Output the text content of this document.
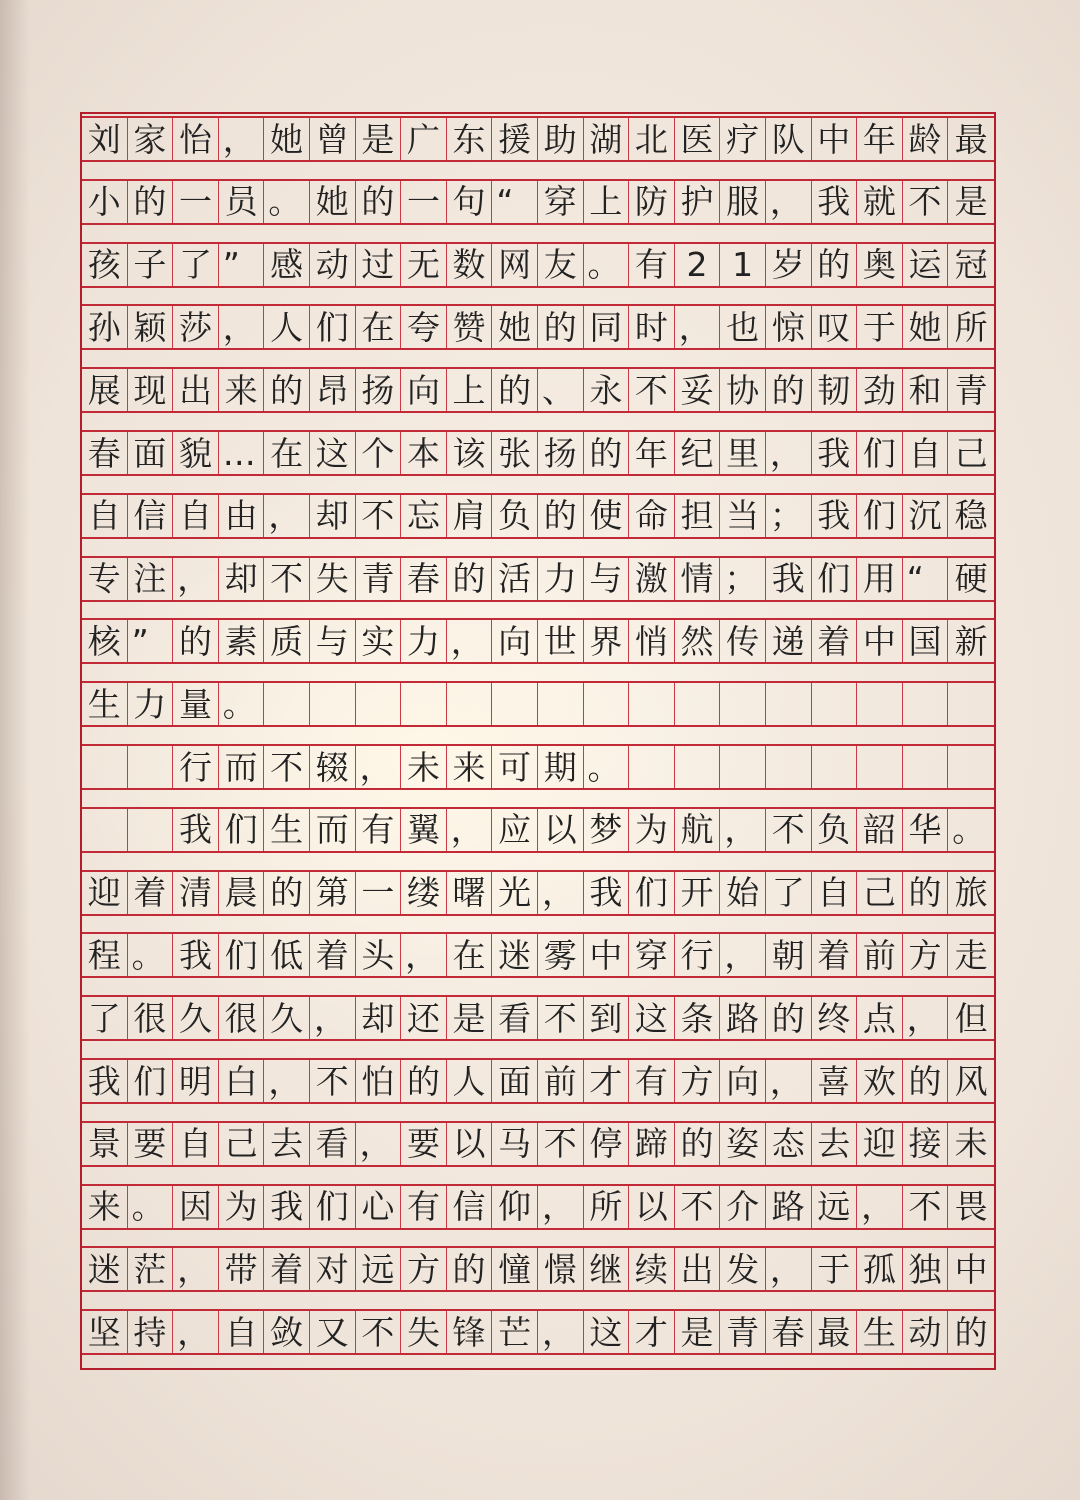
刘 家 怡 ， 她 曾 是 广 东 援 助 湖 北 医 疗 队 中 年 龄 最
小 的 一 员 。 她 的 一 句 “ 穿 上 防 护 服 ， 我 就 不 是
孩 子 了 ” 感 动 过 无 数 网 友 。 有 2 1 岁 的 奥 运 冠
孙 颖 莎 ， 人 们 在 夸 赞 她 的 同 时 ， 也 惊 叹 于 她 所
展 现 出 来 的 昂 扬 向 上 的 、 永 不 妥 协 的 韧 劲 和 青
春 面 貌 … 在 这 个 本 该 张 扬 的 年 纪 里 ， 我 们 自 己
自 信 自 由 ， 却 不 忘 肩 负 的 使 命 担 当 ； 我 们 沉 稳
专 注 ， 却 不 失 青 春 的 活 力 与 激 情 ； 我 们 用 “ 硬
核 ” 的 素 质 与 实 力 ， 向 世 界 悄 然 传 递 着 中 国 新
生 力 量 。
行 而 不 辍 ， 未 来 可 期 。
我 们 生 而 有 翼 ， 应 以 梦 为 航 ， 不 负 韶 华 。
迎 着 清 晨 的 第 一 缕 曙 光 ， 我 们 开 始 了 自 己 的 旅
程 。 我 们 低 着 头 ， 在 迷 雾 中 穿 行 ， 朝 着 前 方 走
了 很 久 很 久 ， 却 还 是 看 不 到 这 条 路 的 终 点 ， 但
我 们 明 白 ， 不 怕 的 人 面 前 才 有 方 向 ， 喜 欢 的 风
景 要 自 己 去 看 ， 要 以 马 不 停 蹄 的 姿 态 去 迎 接 未
来 。 因 为 我 们 心 有 信 仰 ， 所 以 不 介 路 远 ， 不 畏
迷 茫 ， 带 着 对 远 方 的 憧 憬 继 续 出 发 ， 于 孤 独 中
坚 持 ， 自 敛 又 不 失 锋 芒 ， 这 才 是 青 春 最 生 动 的
